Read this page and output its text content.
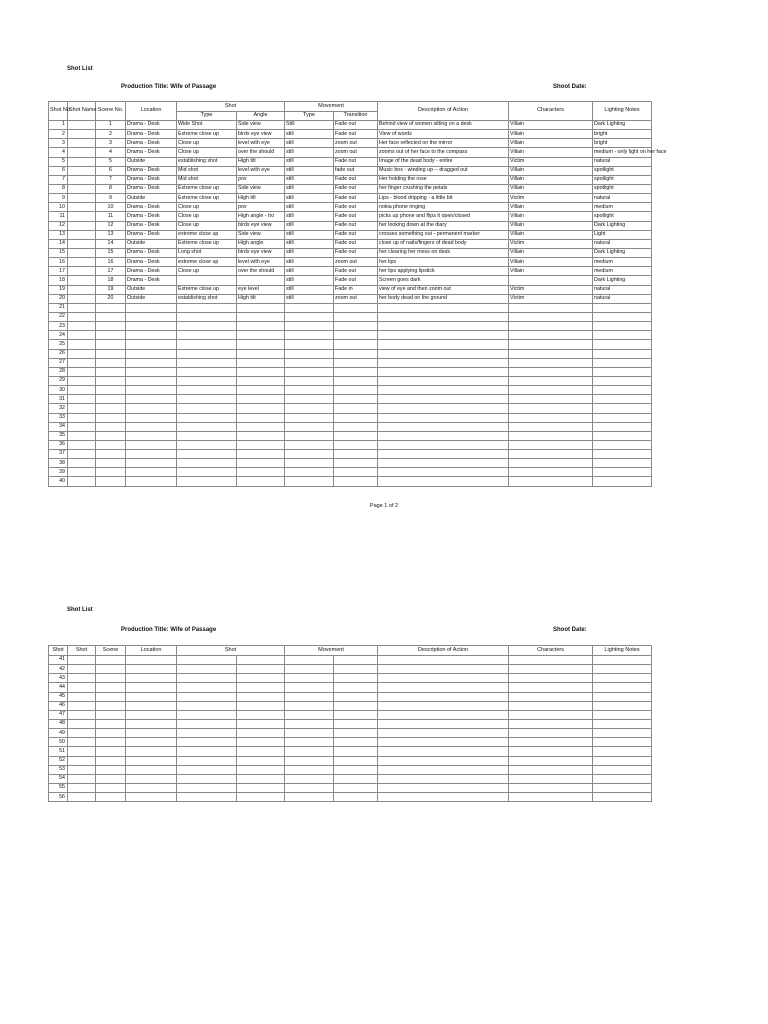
Shot List
Production Title: Wife of Passage	Shoot Date:
Shot No.	Shot Name	Scene No.	Location	Shot		Movement		Description of Action	Characters	Lighting Notes
				Type	Angle	Type	Transition			
1		1	Drama - Desk	Wide Shot	Side view	Still	Fade out	Behind view of women sitting on a desk	Villain	Dark Lighting
2		2	Drama - Desk	Extreme close up	birds eye view	still	Fade out	View of words	Villain	bright
3		3	Drama - Desk	Close up	level with eye	still	zoom out	Her face reflected on the mirror	Villain	bright
4		4	Drama - Desk	Close up	over the should	still	zoom out	zooms out of her face to the compass	Villain	medium - only light on her face
5		5	Outside	establishing shot	High tilt	still	Fade out	Image of the dead body - entire	Victim	natural
6		6	Drama - Desk	Mid shot	level with eye	still	fade out	Music box - winding up -- dragged out	Villain	spotlight
7		7	Drama - Desk	Mid shot	pov	still	Fade out	Her holding the rose	Villain	spotlight
8		8	Drama - Desk	Extreme close up	Side view	still	Fade out	her finger crushing the petals	Villain	spotlight
9		9	Outside	Extreme close up	High tilt	still	Fade out	Lips - blood dripping - a little bit	Victim	natural
10		10	Drama - Desk	Close up	pov	still	Fade out	nokia phone ringing	Villain	medium
11		11	Drama - Desk	Close up	High angle - tro	still	Fade out	picks up phone and flips it open/closed	Villain	spotlight
12		12	Drama - Desk	Close up	birds eye view	still	Fade out	her looking down at the diary	Villain	Dark Lighting
13		13	Drama - Desk	extreme close up	Side view	still	Fade out	crosses something out - permanent marker	Villain	Light
14		14	Outside	Extreme close up	High angle	still	Fade out	close up of nails/fingers of dead body	Victim	natural
15		15	Drama - Desk	Long shot	birds eye view	still	Fade out	her clearing her mess on desk	Villain	Dark Lighting
16		16	Drama - Desk	extreme close up	level with eye	still	zoom out	her lips	Villain	medium
17		17	Drama - Desk	Close up	over the should	still	Fade out	her lips applying lipstick	Villain	medium
18		18	Drama - Desk			still	Fade out	Screen goes dark		Dark Lighting
19		19	Outside	Extreme close up	eye level	still	Fade in	view of eye and then zoom out	Victim	natural
20		20	Outside	establishing shot	High tilt	still	zoom out	her body dead on the ground	Victim	natural
21										
22										
23										
24										
25										
26										
27										
28										
29										
30										
31										
32										
33										
34										
35										
36										
37										
38										
39										
40										
Page 1 of 2
Shot List
Production Title: Wife of Passage	Shoot Date:
Shot	Shot	Scene	Location	Shot		Movement		Description of Action	Characters	Lighting Notes
41										
42										
43										
44										
45										
46										
47										
48										
49										
50										
51										
52										
53										
54										
55										
56										
